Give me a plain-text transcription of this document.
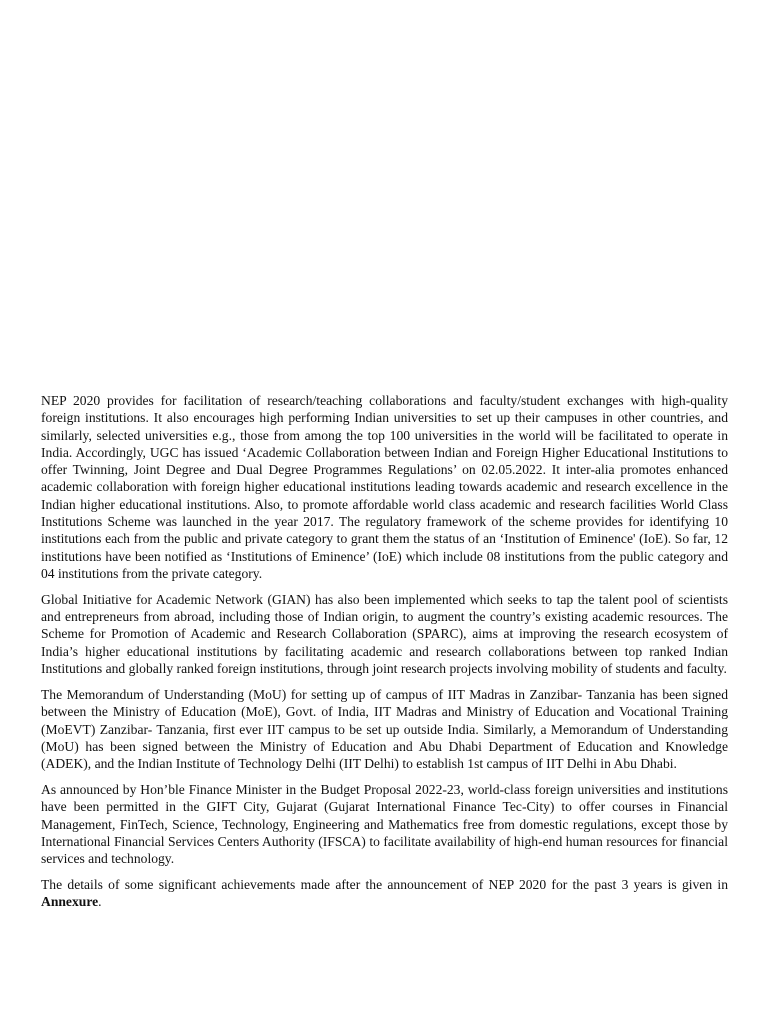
NEP 2020 provides for facilitation of research/teaching collaborations and faculty/student exchanges with high-quality foreign institutions. It also encourages high performing Indian universities to set up their campuses in other countries, and similarly, selected universities e.g., those from among the top 100 universities in the world will be facilitated to operate in India. Accordingly, UGC has issued ‘Academic Collaboration between Indian and Foreign Higher Educational Institutions to offer Twinning, Joint Degree and Dual Degree Programmes Regulations’ on 02.05.2022. It inter-alia promotes enhanced academic collaboration with foreign higher educational institutions leading towards academic and research excellence in the Indian higher educational institutions. Also, to promote affordable world class academic and research facilities World Class Institutions Scheme was launched in the year 2017. The regulatory framework of the scheme provides for identifying 10 institutions each from the public and private category to grant them the status of an ‘Institution of Eminence' (IoE). So far, 12 institutions have been notified as ‘Institutions of Eminence’ (IoE) which include 08 institutions from the public category and 04 institutions from the private category.

Global Initiative for Academic Network (GIAN) has also been implemented which seeks to tap the talent pool of scientists and entrepreneurs from abroad, including those of Indian origin, to augment the country’s existing academic resources. The Scheme for Promotion of Academic and Research Collaboration (SPARC), aims at improving the research ecosystem of India’s higher educational institutions by facilitating academic and research collaborations between top ranked Indian Institutions and globally ranked foreign institutions, through joint research projects involving mobility of students and faculty.

The Memorandum of Understanding (MoU) for setting up of campus of IIT Madras in Zanzibar- Tanzania has been signed between the Ministry of Education (MoE), Govt. of India, IIT Madras and Ministry of Education and Vocational Training (MoEVT) Zanzibar- Tanzania, first ever IIT campus to be set up outside India. Similarly, a Memorandum of Understanding (MoU) has been signed between the Ministry of Education and Abu Dhabi Department of Education and Knowledge (ADEK), and the Indian Institute of Technology Delhi (IIT Delhi) to establish 1st campus of IIT Delhi in Abu Dhabi.

As announced by Hon’ble Finance Minister in the Budget Proposal 2022-23, world-class foreign universities and institutions have been permitted in the GIFT City, Gujarat (Gujarat International Finance Tec-City) to offer courses in Financial Management, FinTech, Science, Technology, Engineering and Mathematics free from domestic regulations, except those by International Financial Services Centers Authority (IFSCA) to facilitate availability of high-end human resources for financial services and technology.

The details of some significant achievements made after the announcement of NEP 2020 for the past 3 years is given in Annexure.
